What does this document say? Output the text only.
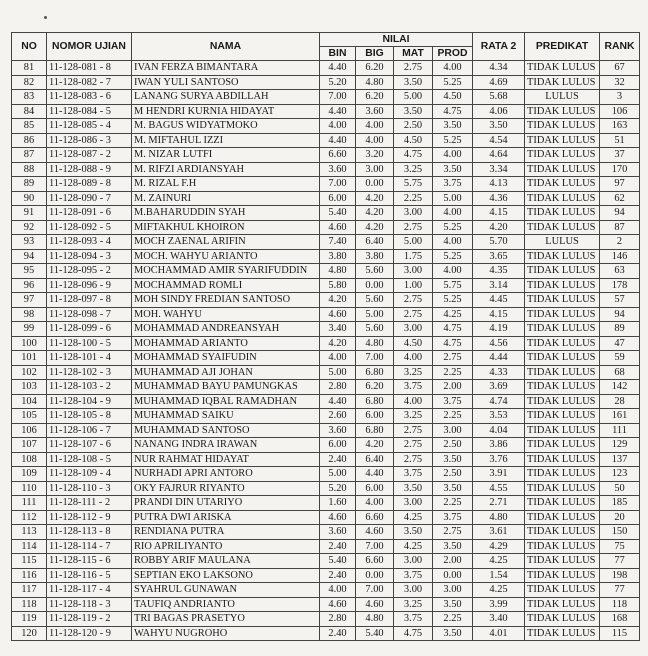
NO	NOMOR UJIAN	NAMA	NILAI				RATA 2	PREDIKAT	RANK
			BIN	BIG	MAT	PROD			
81	11-128-081 - 8	IVAN FERZA BIMANTARA	4.40	6.20	2.75	4.00	4.34	TIDAK LULUS	67
82	11-128-082 - 7	IWAN YULI SANTOSO	5.20	4.80	3.50	5.25	4.69	TIDAK LULUS	32
83	11-128-083 - 6	LANANG SURYA ABDILLAH	7.00	6.20	5.00	4.50	5.68	LULUS	3
84	11-128-084 - 5	M HENDRI KURNIA HIDAYAT	4.40	3.60	3.50	4.75	4.06	TIDAK LULUS	106
85	11-128-085 - 4	M. BAGUS WIDYATMOKO	4.00	4.00	2.50	3.50	3.50	TIDAK LULUS	163
86	11-128-086 - 3	M. MIFTAHUL IZZI	4.40	4.00	4.50	5.25	4.54	TIDAK LULUS	51
87	11-128-087 - 2	M. NIZAR LUTFI	6.60	3.20	4.75	4.00	4.64	TIDAK LULUS	37
88	11-128-088 - 9	M. RIFZI ARDIANSYAH	3.60	3.00	3.25	3.50	3.34	TIDAK LULUS	170
89	11-128-089 - 8	M. RIZAL F.H	7.00	0.00	5.75	3.75	4.13	TIDAK LULUS	97
90	11-128-090 - 7	M. ZAINURI	6.00	4.20	2.25	5.00	4.36	TIDAK LULUS	62
91	11-128-091 - 6	M.BAHARUDDIN SYAH	5.40	4.20	3.00	4.00	4.15	TIDAK LULUS	94
92	11-128-092 - 5	MIFTAKHUL KHOIRON	4.60	4.20	2.75	5.25	4.20	TIDAK LULUS	87
93	11-128-093 - 4	MOCH ZAENAL ARIFIN	7.40	6.40	5.00	4.00	5.70	LULUS	2
94	11-128-094 - 3	MOCH. WAHYU ARIANTO	3.80	3.80	1.75	5.25	3.65	TIDAK LULUS	146
95	11-128-095 - 2	MOCHAMMAD AMIR SYARIFUDDIN	4.80	5.60	3.00	4.00	4.35	TIDAK LULUS	63
96	11-128-096 - 9	MOCHAMMAD ROMLI	5.80	0.00	1.00	5.75	3.14	TIDAK LULUS	178
97	11-128-097 - 8	MOH SINDY FREDIAN SANTOSO	4.20	5.60	2.75	5.25	4.45	TIDAK LULUS	57
98	11-128-098 - 7	MOH. WAHYU	4.60	5.00	2.75	4.25	4.15	TIDAK LULUS	94
99	11-128-099 - 6	MOHAMMAD ANDREANSYAH	3.40	5.60	3.00	4.75	4.19	TIDAK LULUS	89
100	11-128-100 - 5	MOHAMMAD ARIANTO	4.20	4.80	4.50	4.75	4.56	TIDAK LULUS	47
101	11-128-101 - 4	MOHAMMAD SYAIFUDIN	4.00	7.00	4.00	2.75	4.44	TIDAK LULUS	59
102	11-128-102 - 3	MUHAMMAD AJI JOHAN	5.00	6.80	3.25	2.25	4.33	TIDAK LULUS	68
103	11-128-103 - 2	MUHAMMAD BAYU PAMUNGKAS	2.80	6.20	3.75	2.00	3.69	TIDAK LULUS	142
104	11-128-104 - 9	MUHAMMAD IQBAL RAMADHAN	4.40	6.80	4.00	3.75	4.74	TIDAK LULUS	28
105	11-128-105 - 8	MUHAMMAD SAIKU	2.60	6.00	3.25	2.25	3.53	TIDAK LULUS	161
106	11-128-106 - 7	MUHAMMAD SANTOSO	3.60	6.80	2.75	3.00	4.04	TIDAK LULUS	111
107	11-128-107 - 6	NANANG INDRA IRAWAN	6.00	4.20	2.75	2.50	3.86	TIDAK LULUS	129
108	11-128-108 - 5	NUR RAHMAT HIDAYAT	2.40	6.40	2.75	3.50	3.76	TIDAK LULUS	137
109	11-128-109 - 4	NURHADI APRI ANTORO	5.00	4.40	3.75	2.50	3.91	TIDAK LULUS	123
110	11-128-110 - 3	OKY FAJRUR RIYANTO	5.20	6.00	3.50	3.50	4.55	TIDAK LULUS	50
111	11-128-111 - 2	PRANDI DIN UTARIYO	1.60	4.00	3.00	2.25	2.71	TIDAK LULUS	185
112	11-128-112 - 9	PUTRA DWI ARISKA	4.60	6.60	4.25	3.75	4.80	TIDAK LULUS	20
113	11-128-113 - 8	RENDIANA PUTRA	3.60	4.60	3.50	2.75	3.61	TIDAK LULUS	150
114	11-128-114 - 7	RIO APRILIYANTO	2.40	7.00	4.25	3.50	4.29	TIDAK LULUS	75
115	11-128-115 - 6	ROBBY ARIF MAULANA	5.40	6.60	3.00	2.00	4.25	TIDAK LULUS	77
116	11-128-116 - 5	SEPTIAN EKO LAKSONO	2.40	0.00	3.75	0.00	1.54	TIDAK LULUS	198
117	11-128-117 - 4	SYAHRUL GUNAWAN	4.00	7.00	3.00	3.00	4.25	TIDAK LULUS	77
118	11-128-118 - 3	TAUFIQ ANDRIANTO	4.60	4.60	3.25	3.50	3.99	TIDAK LULUS	118
119	11-128-119 - 2	TRI BAGAS PRASETYO	2.80	4.80	3.75	2.25	3.40	TIDAK LULUS	168
120	11-128-120 - 9	WAHYU NUGROHO	2.40	5.40	4.75	3.50	4.01	TIDAK LULUS	115
